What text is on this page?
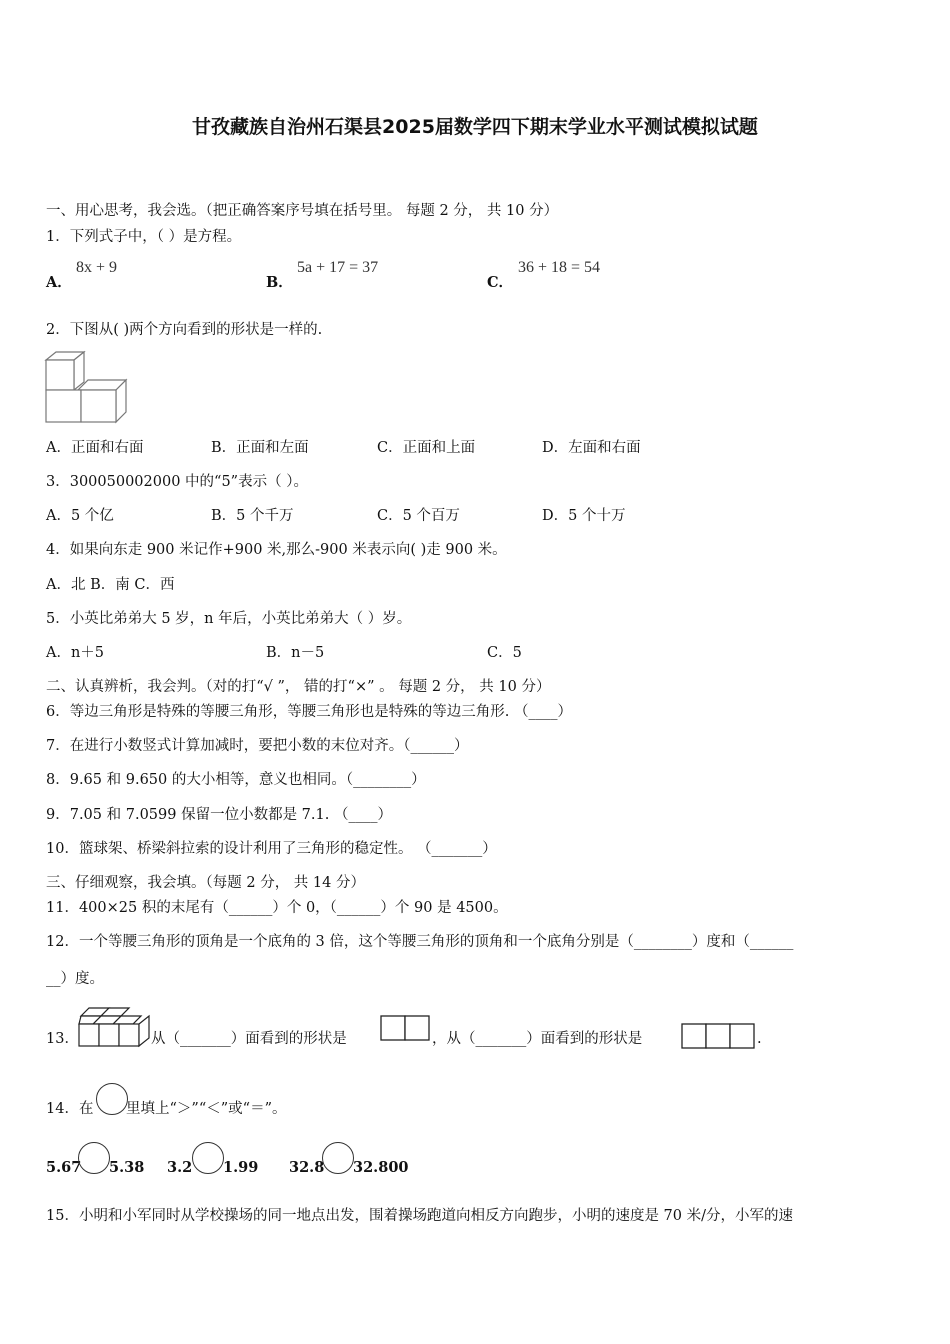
甘孜藏族自治州石渠县2025届数学四下期末学业水平测试模拟试题
一、用心思考，我会选。（把正确答案序号填在括号里。 每题 2 分， 共 10 分）
1．下列式子中，（ ）是方程。
A．
8x + 9
B．
5a + 17 = 37
C．
36 + 18 = 54
2．下图从( )两个方向看到的形状是一样的.
A．正面和右面	B．正面和左面	C．正面和上面	D．左面和右面
3．300050002000 中的“5”表示（ ）。
A．5 个亿	B．5 个千万	C．5 个百万	D．5 个十万
4．如果向东走 900 米记作+900 米,那么-900 米表示向( )走 900 米。
A．北 B．南 C．西
5．小英比弟弟大 5 岁，n 年后，小英比弟弟大（ ）岁。
A．n＋5	B．n－5	C．5
二、认真辨析，我会判。（对的打“√ ”， 错的打“×” 。 每题 2 分， 共 10 分）
6．等边三角形是特殊的等腰三角形，等腰三角形也是特殊的等边三角形. （____）
7．在进行小数竖式计算加减时，要把小数的末位对齐。（______）
8．9.65 和 9.650 的大小相等，意义也相同。（________）
9．7.05 和 7.0599 保留一位小数都是 7.1. （____）
10．篮球架、桥梁斜拉索的设计利用了三角形的稳定性。 （_______）
三、仔细观察，我会填。（每题 2 分， 共 14 分）
11．400×25 积的末尾有（______）个 0，（______）个 90 是 4500。
12．一个等腰三角形的顶角是一个底角的 3 倍，这个等腰三角形的顶角和一个底角分别是（________）度和（______
__）度。
13．	从（_______）面看到的形状是	，从（_______）面看到的形状是	.
14．在 里填上“＞”“＜”或“＝”。
5.67 5.38 3.2 1.99 32.8 32.800
15．小明和小军同时从学校操场的同一地点出发，围着操场跑道向相反方向跑步，小明的速度是 70 米/分，小军的速
